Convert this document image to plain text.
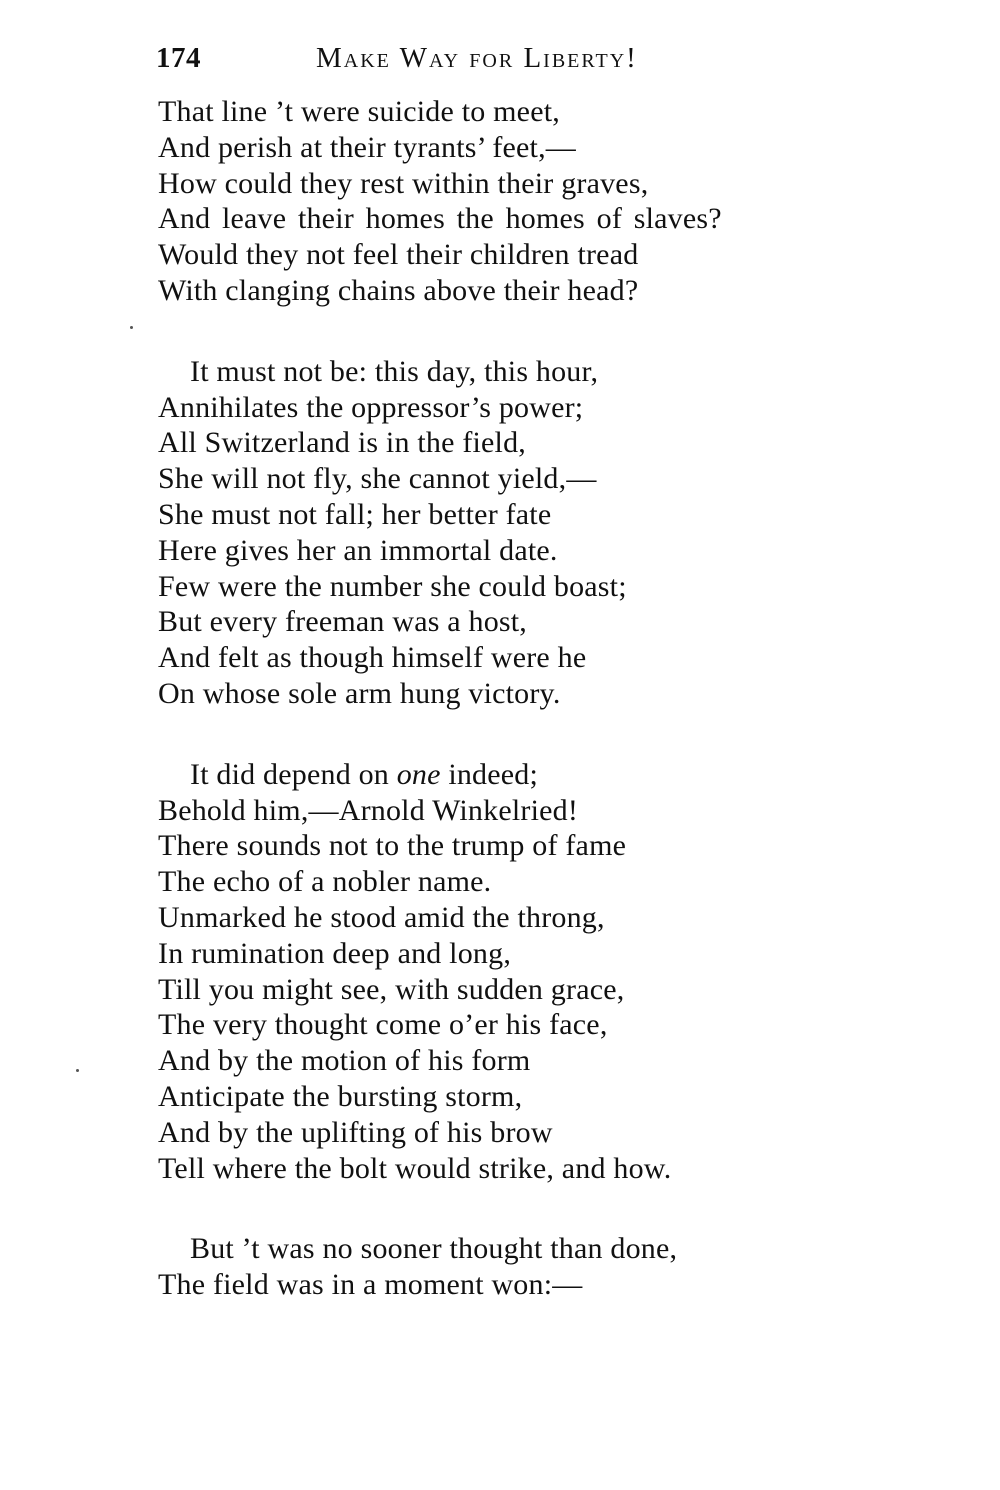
174	Make Way for Liberty!
That line ’t were suicide to meet,
And perish at their tyrants’ feet,—
How could they rest within their graves,
And leave their homes the homes of slaves?
Would they not feel their children tread
With clanging chains above their head?
It must not be: this day, this hour,
Annihilates the oppressor’s power;
All Switzerland is in the field,
She will not fly, she cannot yield,—
She must not fall; her better fate
Here gives her an immortal date.
Few were the number she could boast;
But every freeman was a host,
And felt as though himself were he
On whose sole arm hung victory.
It did depend on one indeed;
Behold him,—Arnold Winkelried!
There sounds not to the trump of fame
The echo of a nobler name.
Unmarked he stood amid the throng,
In rumination deep and long,
Till you might see, with sudden grace,
The very thought come o’er his face,
And by the motion of his form
Anticipate the bursting storm,
And by the uplifting of his brow
Tell where the bolt would strike, and how.
But ’t was no sooner thought than done,
The field was in a moment won:—
